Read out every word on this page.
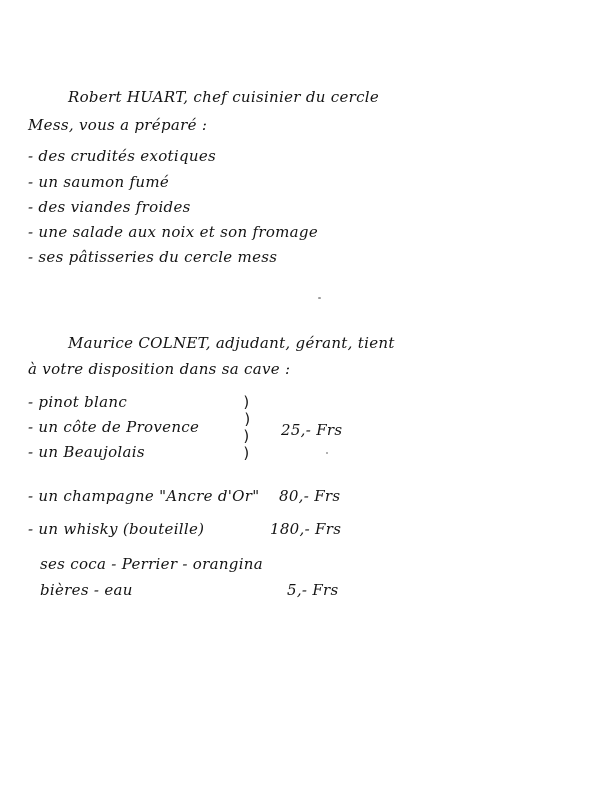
Robert HUART, chef cuisinier du cercle
Mess, vous a préparé :
- des crudités exotiques
- un saumon fumé
- des viandes froides
- une salade aux noix et son fromage
- ses pâtisseries du cercle mess
Maurice COLNET, adjudant, gérant, tient
à votre disposition dans sa cave :
- pinot blanc
- un côte de Provence
- un Beaujolais
)
)
)
)
25,- Frs
- un champagne "Ancre d'Or" 80,- Frs
- un whisky (bouteille)	180,- Frs
ses coca - Perrier - orangina
bières - eau	5,- Frs
